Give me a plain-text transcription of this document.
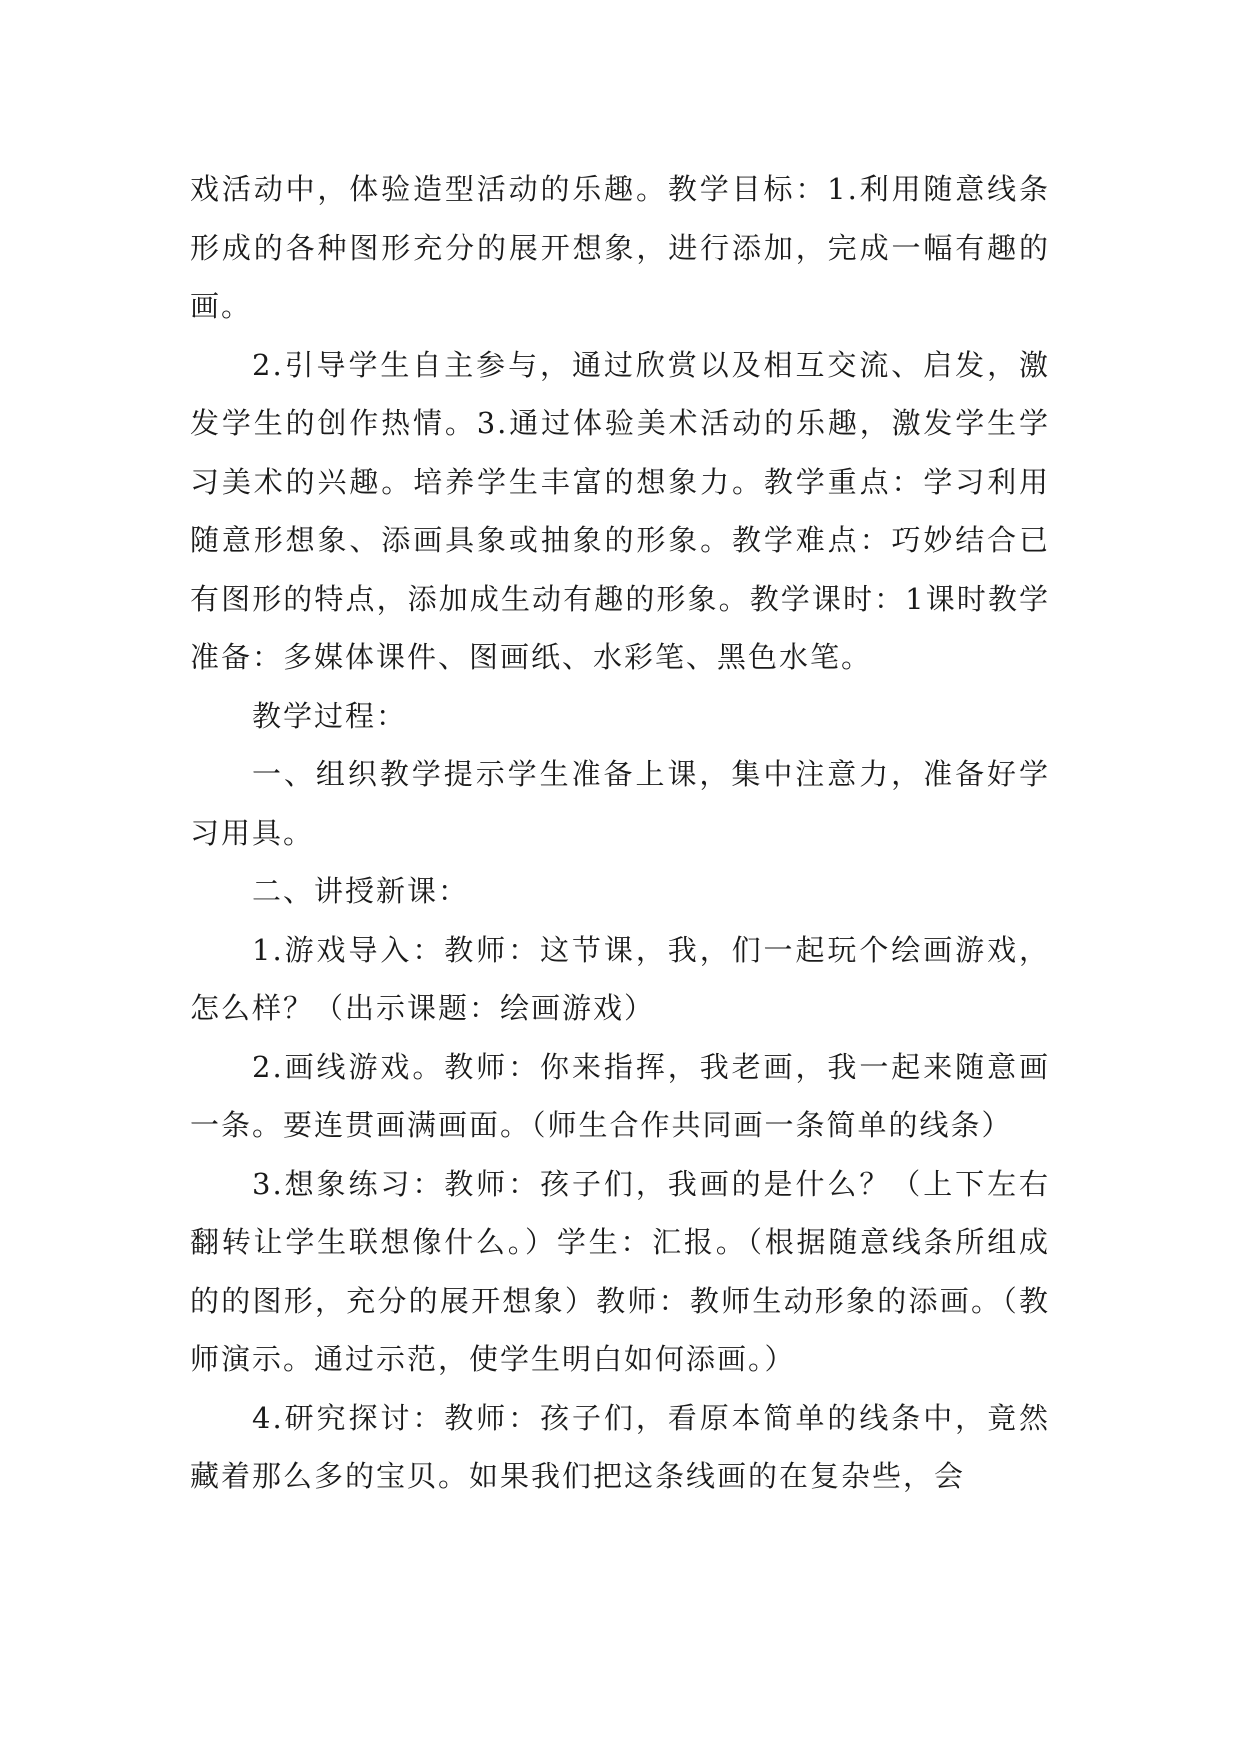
戏活动中，体验造型活动的乐趣。教学目标：1.利用随意线条形成的各种图形充分的展开想象，进行添加，完成一幅有趣的画。

2.引导学生自主参与，通过欣赏以及相互交流、启发，激发学生的创作热情。3.通过体验美术活动的乐趣，激发学生学习美术的兴趣。培养学生丰富的想象力。教学重点：学习利用随意形想象、添画具象或抽象的形象。教学难点：巧妙结合已有图形的特点，添加成生动有趣的形象。教学课时：1课时教学准备：多媒体课件、图画纸、水彩笔、黑色水笔。

教学过程：

一、组织教学提示学生准备上课，集中注意力，准备好学习用具。

二、讲授新课：

1.游戏导入：教师：这节课，我，们一起玩个绘画游戏，怎么样？（出示课题：绘画游戏）

2.画线游戏。教师：你来指挥，我老画，我一起来随意画一条。要连贯画满画面。（师生合作共同画一条简单的线条）

3.想象练习：教师：孩子们，我画的是什么？（上下左右翻转让学生联想像什么。）学生：汇报。（根据随意线条所组成的的图形，充分的展开想象）教师：教师生动形象的添画。（教师演示。通过示范，使学生明白如何添画。）

4.研究探讨：教师：孩子们，看原本简单的线条中，竟然藏着那么多的宝贝。如果我们把这条线画的在复杂些，会
